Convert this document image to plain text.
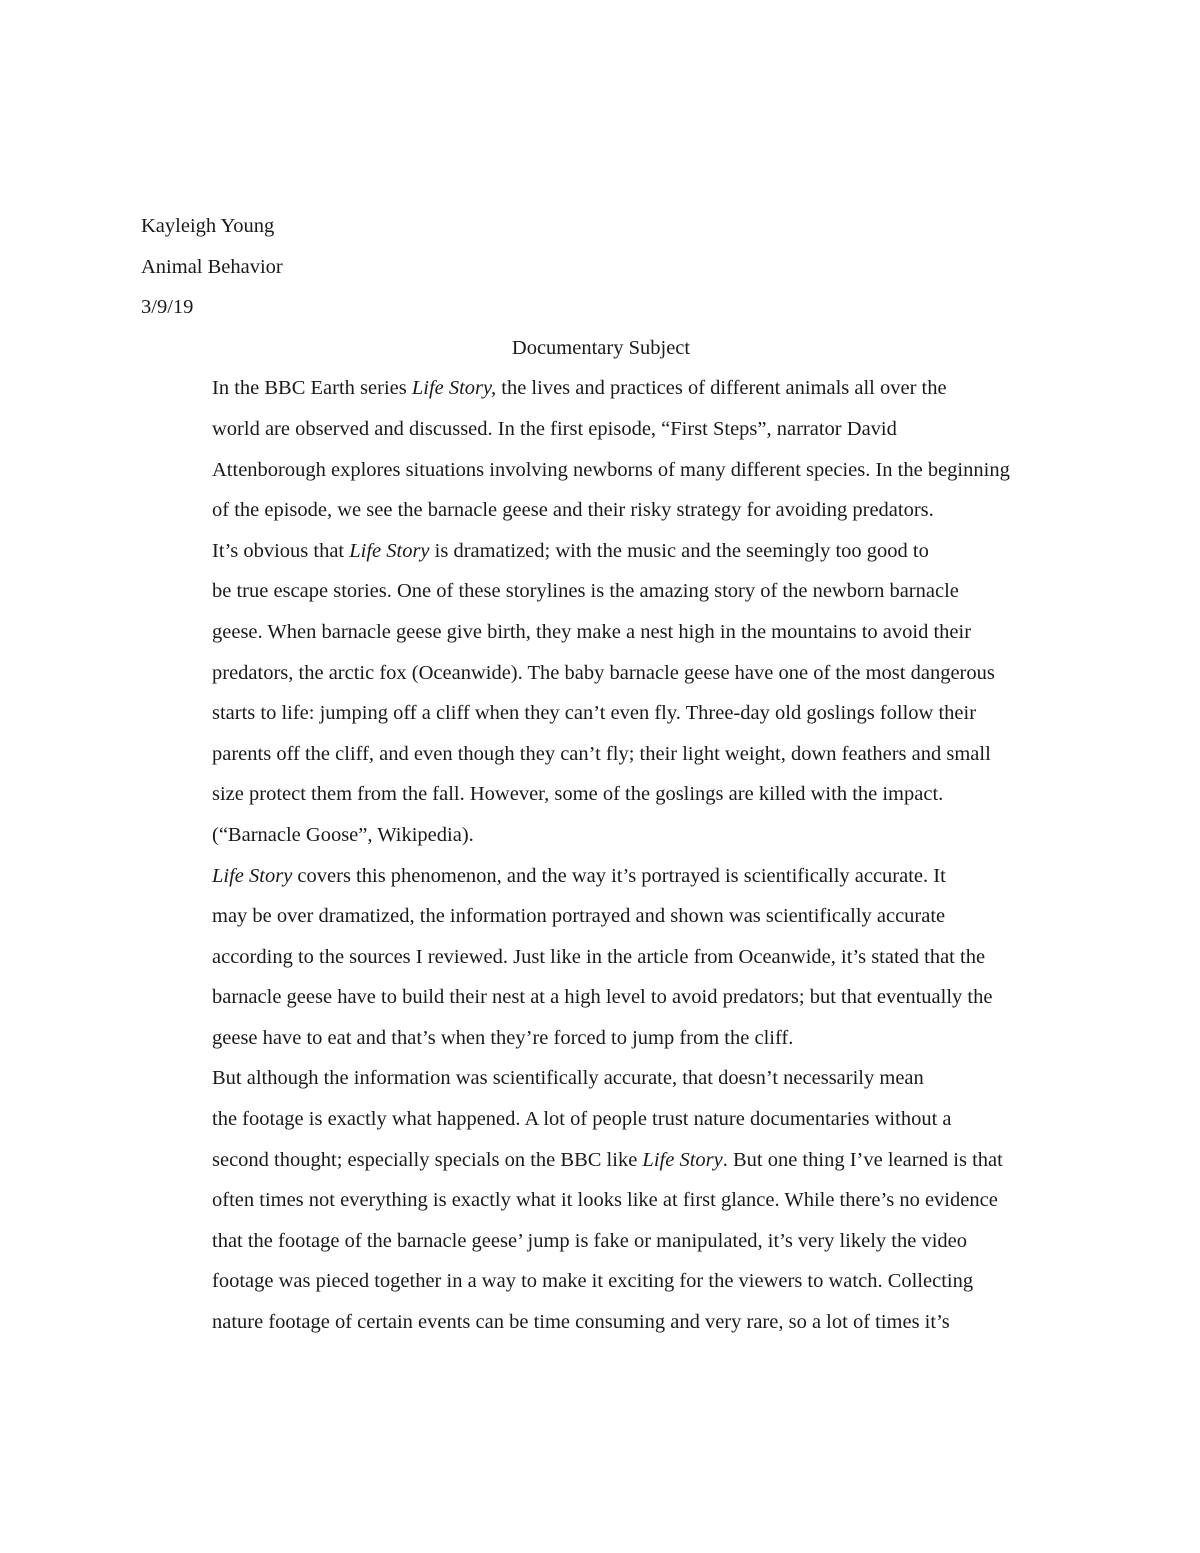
Kayleigh Young
Animal Behavior
3/9/19
Documentary Subject

In the BBC Earth series Life Story, the lives and practices of different animals all over the
world are observed and discussed. In the first episode, “First Steps”, narrator David
Attenborough explores situations involving newborns of many different species. In the beginning
of the episode, we see the barnacle geese and their risky strategy for avoiding predators.

It’s obvious that Life Story is dramatized; with the music and the seemingly too good to
be true escape stories. One of these storylines is the amazing story of the newborn barnacle
geese. When barnacle geese give birth, they make a nest high in the mountains to avoid their
predators, the arctic fox (Oceanwide). The baby barnacle geese have one of the most dangerous
starts to life: jumping off a cliff when they can’t even fly. Three-day old goslings follow their
parents off the cliff, and even though they can’t fly; their light weight, down feathers and small
size protect them from the fall. However, some of the goslings are killed with the impact.
(“Barnacle Goose”, Wikipedia).

Life Story covers this phenomenon, and the way it’s portrayed is scientifically accurate. It
may be over dramatized, the information portrayed and shown was scientifically accurate
according to the sources I reviewed. Just like in the article from Oceanwide, it’s stated that the
barnacle geese have to build their nest at a high level to avoid predators; but that eventually the
geese have to eat and that’s when they’re forced to jump from the cliff.

But although the information was scientifically accurate, that doesn’t necessarily mean
the footage is exactly what happened. A lot of people trust nature documentaries without a
second thought; especially specials on the BBC like Life Story. But one thing I’ve learned is that
often times not everything is exactly what it looks like at first glance. While there’s no evidence
that the footage of the barnacle geese’ jump is fake or manipulated, it’s very likely the video
footage was pieced together in a way to make it exciting for the viewers to watch. Collecting
nature footage of certain events can be time consuming and very rare, so a lot of times it’s
